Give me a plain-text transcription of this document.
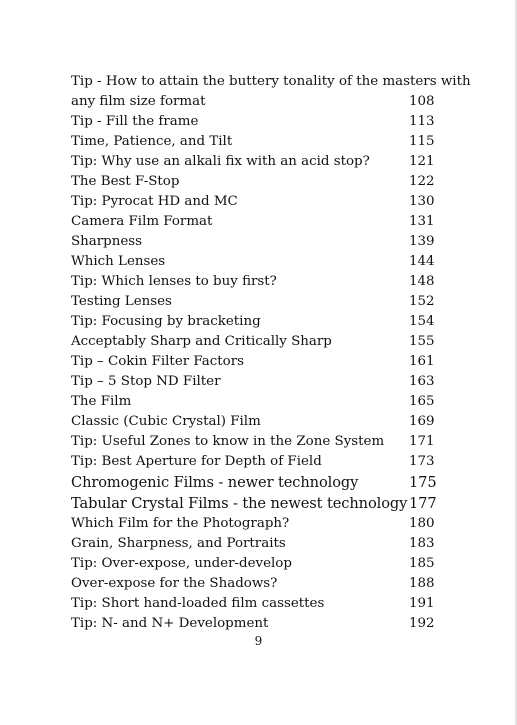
Tip - How to attain the buttery tonality of the masters with
any film size format	108
Tip - Fill the frame	113
Time, Patience, and Tilt	115
Tip: Why use an alkali fix with an acid stop?	121
The Best F-Stop	122
Tip: Pyrocat HD and MC	130
Camera Film Format	131
Sharpness	139
Which Lenses	144
Tip: Which lenses to buy first?	148
Testing Lenses	152
Tip: Focusing by bracketing	154
Acceptably Sharp and Critically Sharp	155
Tip – Cokin Filter Factors	161
Tip – 5 Stop ND Filter	163
The Film	165
Classic (Cubic Crystal) Film	169
Tip: Useful Zones to know in the Zone System 171
Tip: Best Aperture for Depth of Field	173
Chromogenic Films - newer technology	175
Tabular Crystal Films - the newest technology 177
Which Film for the Photograph?	180
Grain, Sharpness, and Portraits	183
Tip: Over-expose, under-develop	185
Over-expose for the Shadows?	188
Tip: Short hand-loaded film cassettes	191
Tip: N- and N+ Development	192
9
